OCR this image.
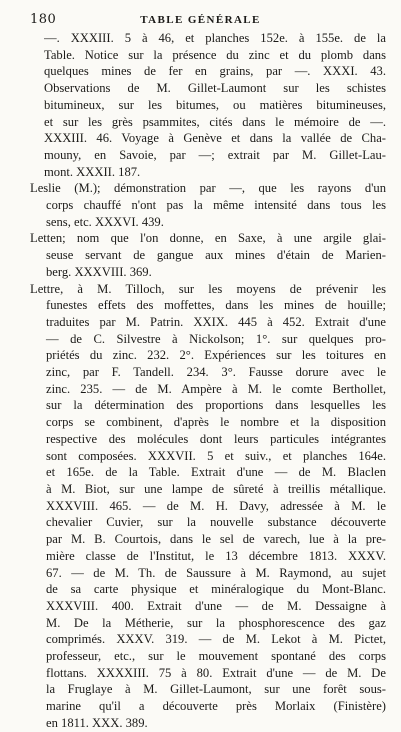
180	TABLE GÉNÉRALE
—. XXXIII. 5 à 46, et planches 152e. à 155e. de la
Table. Notice sur la présence du zinc et du plomb dans
quelques mines de fer en grains, par —. XXXI. 43.
Observations de M. Gillet-Laumont sur les schistes
bitumineux, sur les bitumes, ou matières bitumineuses,
et sur les grès psammites, cités dans le mémoire de —.
XXXIII. 46. Voyage à Genève et dans la vallée de Cha-
mouny, en Savoie, par —; extrait par M. Gillet-Lau-
mont. XXXII. 187.
Leslie (M.); démonstration par —, que les rayons d'un
corps chauffé n'ont pas la même intensité dans tous les
sens, etc. XXXVI. 439.
Letten; nom que l'on donne, en Saxe, à une argile glai-
seuse servant de gangue aux mines d'étain de Marien-
berg. XXXVIII. 369.
Lettre, à M. Tilloch, sur les moyens de prévenir les
funestes effets des moffettes, dans les mines de houille;
traduites par M. Patrin. XXIX. 445 à 452. Extrait d'une
— de C. Silvestre à Nickolson; 1°. sur quelques pro-
priétés du zinc. 232. 2°. Expériences sur les toitures en
zinc, par F. Tandell. 234. 3°. Fausse dorure avec le
zinc. 235. — de M. Ampère à M. le comte Berthollet,
sur la détermination des proportions dans lesquelles les
corps se combinent, d'après le nombre et la disposition
respective des molécules dont leurs particules intégrantes
sont composées. XXXVII. 5 et suiv., et planches 164e.
et 165e. de la Table. Extrait d'une — de M. Blaclen
à M. Biot, sur une lampe de sûreté à treillis métallique.
XXXVIII. 465. — de M. H. Davy, adressée à M. le
chevalier Cuvier, sur la nouvelle substance découverte
par M. B. Courtois, dans le sel de varech, lue à la pre-
mière classe de l'Institut, le 13 décembre 1813. XXXV.
67. — de M. Th. de Saussure à M. Raymond, au sujet
de sa carte physique et minéralogique du Mont-Blanc.
XXXVIII. 400. Extrait d'une — de M. Dessaigne à
M. De la Métherie, sur la phosphorescence des gaz
comprimés. XXXV. 319. — de M. Lekot à M. Pictet,
professeur, etc., sur le mouvement spontané des corps
flottans. XXXXIII. 75 à 80. Extrait d'une — de M. De
la Fruglaye à M. Gillet-Laumont, sur une forêt sous-
marine qu'il a découverte près Morlaix (Finistère)
en 1811. XXX. 389.
